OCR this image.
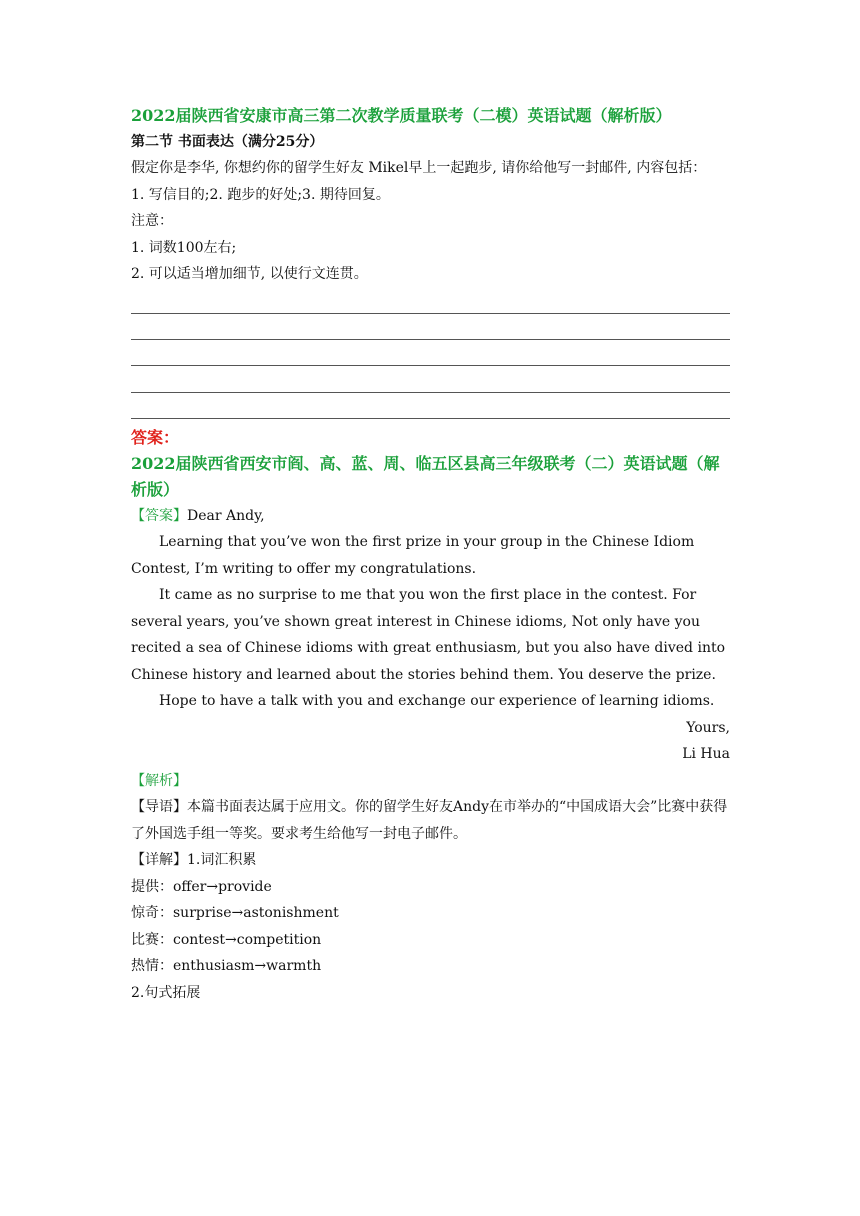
2022届陕西省安康市高三第二次教学质量联考（二模）英语试题（解析版）
第二节 书面表达（满分25分）
假定你是李华, 你想约你的留学生好友 Mikel早上一起跑步, 请你给他写一封邮件, 内容包括：
1. 写信目的;2. 跑步的好处;3. 期待回复。
注意：
1. 词数100左右;
2. 可以适当增加细节, 以使行文连贯。
答案：
2022届陕西省西安市阎、高、蓝、周、临五区县高三年级联考（二）英语试题（解析版）
【答案】Dear Andy,
Learning that you’ve won the first prize in your group in the Chinese Idiom Contest, I’m writing to offer my congratulations.
It came as no surprise to me that you won the first place in the contest. For several years, you’ve shown great interest in Chinese idioms, Not only have you recited a sea of Chinese idioms with great enthusiasm, but you also have dived into Chinese history and learned about the stories behind them. You deserve the prize.
Hope to have a talk with you and exchange our experience of learning idioms.
Yours,
Li Hua
【解析】
【导语】本篇书面表达属于应用文。你的留学生好友Andy在市举办的“中国成语大会”比赛中获得了外国选手组一等奖。要求考生给他写一封电子邮件。
【详解】1.词汇积累
提供：offer→provide
惊奇：surprise→astonishment
比赛：contest→competition
热情：enthusiasm→warmth
2.句式拓展
